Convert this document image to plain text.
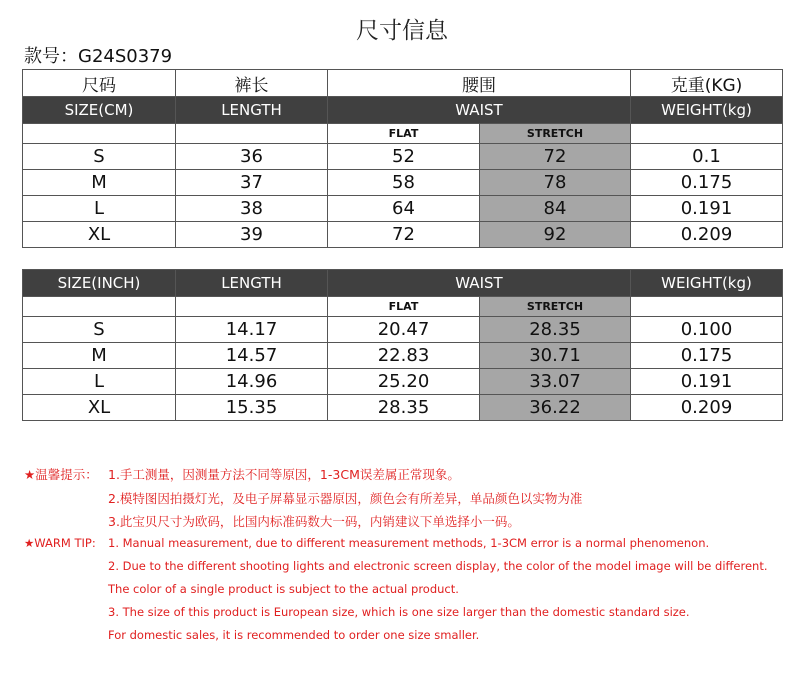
尺寸信息
款号：G24S0379
尺码	裤长	腰围		克重(KG)
SIZE(CM)	LENGTH	WAIST		WEIGHT(kg)
		FLAT	STRETCH	
S	36	52	72	0.1
M	37	58	78	0.175
L	38	64	84	0.191
XL	39	72	92	0.209
SIZE(INCH)	LENGTH	WAIST		WEIGHT(kg)
		FLAT	STRETCH	
S	14.17	20.47	28.35	0.100
M	14.57	22.83	30.71	0.175
L	14.96	25.20	33.07	0.191
XL	15.35	28.35	36.22	0.209
★温馨提示： 1.手工测量，因测量方法不同等原因，1-3CM误差属正常现象。
2.模特图因拍摄灯光，及电子屏幕显示器原因，颜色会有所差异，单品颜色以实物为准
3.此宝贝尺寸为欧码，比国内标准码数大一码，内销建议下单选择小一码。
★WARM TIP: 1. Manual measurement, due to different measurement methods, 1-3CM error is a normal phenomenon.
2. Due to the different shooting lights and electronic screen display, the color of the model image will be different.
The color of a single product is subject to the actual product.
3. The size of this product is European size, which is one size larger than the domestic standard size.
For domestic sales, it is recommended to order one size smaller.
